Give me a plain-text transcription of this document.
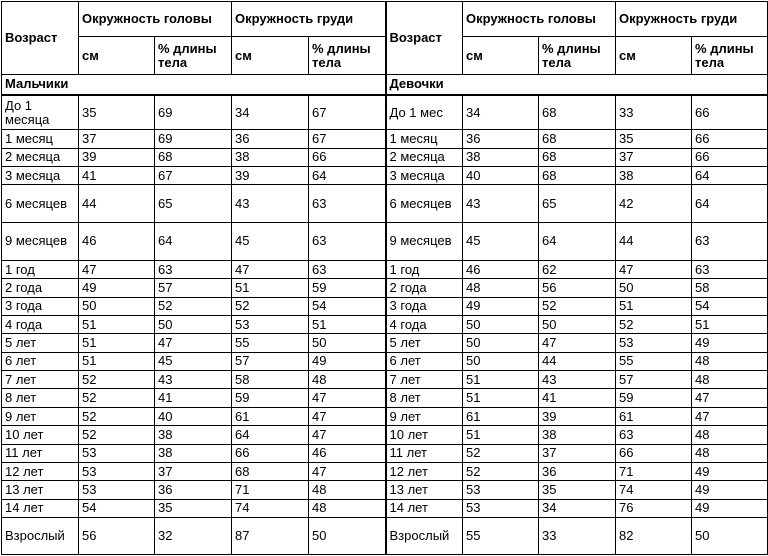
Возраст	Окружность головы		Окружность груди		Возраст	Окружность головы		Окружность груди	
	см	% длины тела	см	% длины тела		см	% длины тела	см	% длины тела
Мальчики					Девочки				
До 1 месяца	35	69	34	67	До 1 мес	34	68	33	66
1 месяц	37	69	36	67	1 месяц	36	68	35	66
2 месяца	39	68	38	66	2 месяца	38	68	37	66
3 месяца	41	67	39	64	3 месяца	40	68	38	64
6 месяцев	44	65	43	63	6 месяцев	43	65	42	64
9 месяцев	46	64	45	63	9 месяцев	45	64	44	63
1 год	47	63	47	63	1 год	46	62	47	63
2 года	49	57	51	59	2 года	48	56	50	58
3 года	50	52	52	54	3 года	49	52	51	54
4 года	51	50	53	51	4 года	50	50	52	51
5 лет	51	47	55	50	5 лет	50	47	53	49
6 лет	51	45	57	49	6 лет	50	44	55	48
7 лет	52	43	58	48	7 лет	51	43	57	48
8 лет	52	41	59	47	8 лет	51	41	59	47
9 лет	52	40	61	47	9 лет	61	39	61	47
10 лет	52	38	64	47	10 лет	51	38	63	48
11 лет	53	38	66	46	11 лет	52	37	66	48
12 лет	53	37	68	47	12 лет	52	36	71	49
13 лет	53	36	71	48	13 лет	53	35	74	49
14 лет	54	35	74	48	14 лет	53	34	76	49
Взрослый	56	32	87	50	Взрослый	55	33	82	50
